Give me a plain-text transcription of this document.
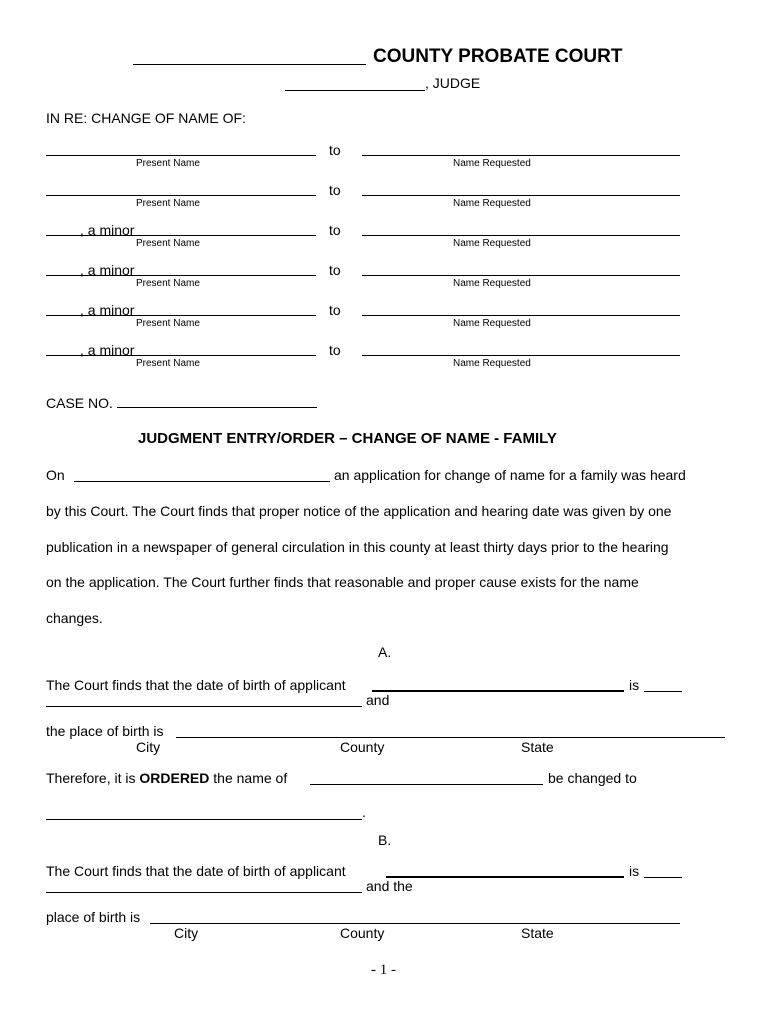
COUNTY PROBATE COURT
, JUDGE
IN RE: CHANGE OF NAME OF:
to
Present Name	Name Requested
to
Present Name	Name Requested
, a minor	to
Present Name	Name Requested
, a minor	to
Present Name	Name Requested
, a minor	to
Present Name	Name Requested
, a minor	to
Present Name	Name Requested
CASE NO.
JUDGMENT ENTRY/ORDER – CHANGE OF NAME - FAMILY
On	an application for change of name for a family was heard
by this Court. The Court finds that proper notice of the application and hearing date was given by one
publication in a newspaper of general circulation in this county at least thirty days prior to the hearing
on the application. The Court further finds that reasonable and proper cause exists for the name
changes.
A.
The Court finds that the date of birth of applicant	is
and
the place of birth is
City	County	State
Therefore, it is ORDERED the name of	be changed to
.
B.
The Court finds that the date of birth of applicant	is
and the
place of birth is
City	County	State
- 1 -
